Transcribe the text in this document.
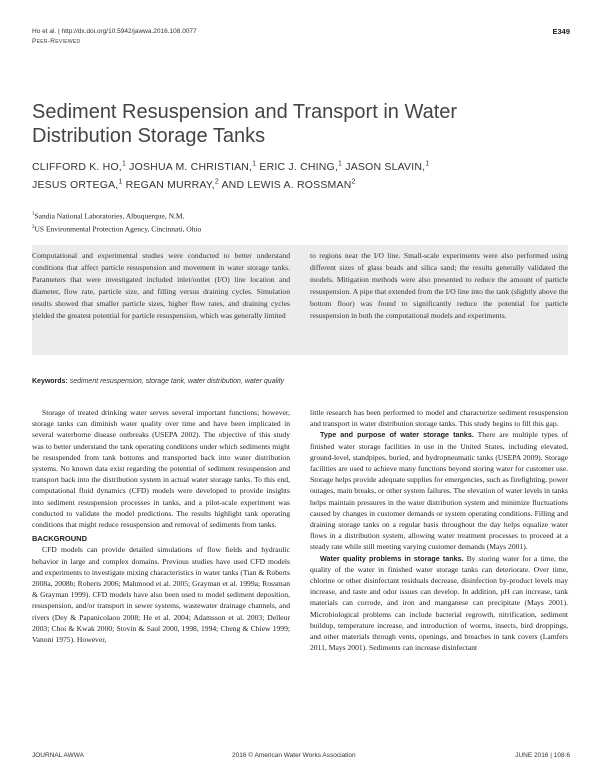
Ho et al. | http://dx.doi.org/10.5942/jawwa.2016.108.0077
Peer-Reviewed
E349
Sediment Resuspension and Transport in Water Distribution Storage Tanks
CLIFFORD K. HO,$^1$ JOSHUA M. CHRISTIAN,$^1$ ERIC J. CHING,$^1$ JASON SLAVIN,$^1$
JESUS ORTEGA,$^1$ REGAN MURRAY,$^2$ AND LEWIS A. ROSSMAN$^2$
$^1$Sandia National Laboratories, Albuquerque, N.M.
$^2$US Environmental Protection Agency, Cincinnati, Ohio
Computational and experimental studies were conducted to better understand conditions that affect particle resuspension and movement in water storage tanks. Parameters that were investigated included inlet/outlet (I/O) line location and diameter, flow rate, particle size, and filling versus draining cycles. Simulation results showed that smaller particle sizes, higher flow rates, and draining cycles yielded the greatest potential for particle resuspension, which was generally limited
to regions near the I/O line. Small-scale experiments were also performed using different sizes of glass beads and silica sand; the results generally validated the models. Mitigation methods were also presented to reduce the amount of particle resuspension. A pipe that extended from the I/O line into the tank (slightly above the bottom floor) was found to significantly reduce the potential for particle resuspension in both the computational models and experiments.
Keywords: sediment resuspension, storage tank, water distribution, water quality

Storage of treated drinking water serves several important functions; however, storage tanks can diminish water quality over time and have been implicated in several waterborne disease outbreaks (USEPA 2002). The objective of this study was to better understand the tank operating conditions under which sediments might be resuspended from tank bottoms and transported back into water distribution systems. No known data exist regarding the potential of sediment resuspension and transport back into the distribution system in actual water storage tanks. To this end, computational fluid dynamics (CFD) models were developed to provide insights into sediment resuspension processes in tanks, and a pilot-scale experiment was conducted to validate the model predictions. The results highlight tank operating conditions that might reduce resuspension and removal of sediments from tanks.

BACKGROUND

CFD models can provide detailed simulations of flow fields and hydraulic behavior in large and complex domains. Previous studies have used CFD models and experiments to investigate mixing characteristics in water tanks (Tian & Roberts 2008a, 2008b; Roberts 2006; Mahmood et al. 2005; Grayman et al. 1999a; Rossman & Grayman 1999). CFD models have also been used to model sediment deposition, resuspension, and/or transport in sewer systems, wastewater drainage channels, and rivers (Dey & Papanicolaou 2008; He et al. 2004; Adamsson et al. 2003; Delleur 2003; Choi & Kwak 2000; Stovin & Saul 2000, 1998, 1994; Cheng & Chiew 1999; Vanoni 1975). However,

little research has been performed to model and characterize sediment resuspension and transport in water distribution storage tanks. This study begins to fill this gap.

Type and purpose of water storage tanks. There are multiple types of finished water storage facilities in use in the United States, including elevated, ground-level, standpipes, buried, and hydropneumatic tanks (USEPA 2009). Storage facilities are used to achieve many functions beyond storing water for customer use. Storage helps provide adequate supplies for emergencies, such as firefighting, power outages, main breaks, or other system failures. The elevation of water levels in tanks helps maintain pressures in the water distribution system and minimize fluctuations caused by changes in customer demands or system operating conditions. Filling and draining storage tanks on a regular basis throughout the day helps equalize water flows in a distribution system, allowing water treatment processes to proceed at a steady rate while still meeting varying customer demands (Mays 2001).

Water quality problems in storage tanks. By storing water for a time, the quality of the water in finished water storage tanks can deteriorate. Over time, chlorine or other disinfectant residuals decrease, disinfection by-product levels may increase, and taste and odor issues can develop. In addition, pH can increase, tank materials can corrode, and iron and manganese can precipitate (Mays 2001). Microbiological problems can include bacterial regrowth, nitrification, sediment buildup, temperature increase, and introduction of worms, insects, bird droppings, and other materials through vents, openings, and breaches in tank covers (Lamfers 2011, Mays 2001). Sediments can increase disinfectant

JOURNAL AWWA	2016 © American Water Works Association	JUNE 2016 | 108:6
